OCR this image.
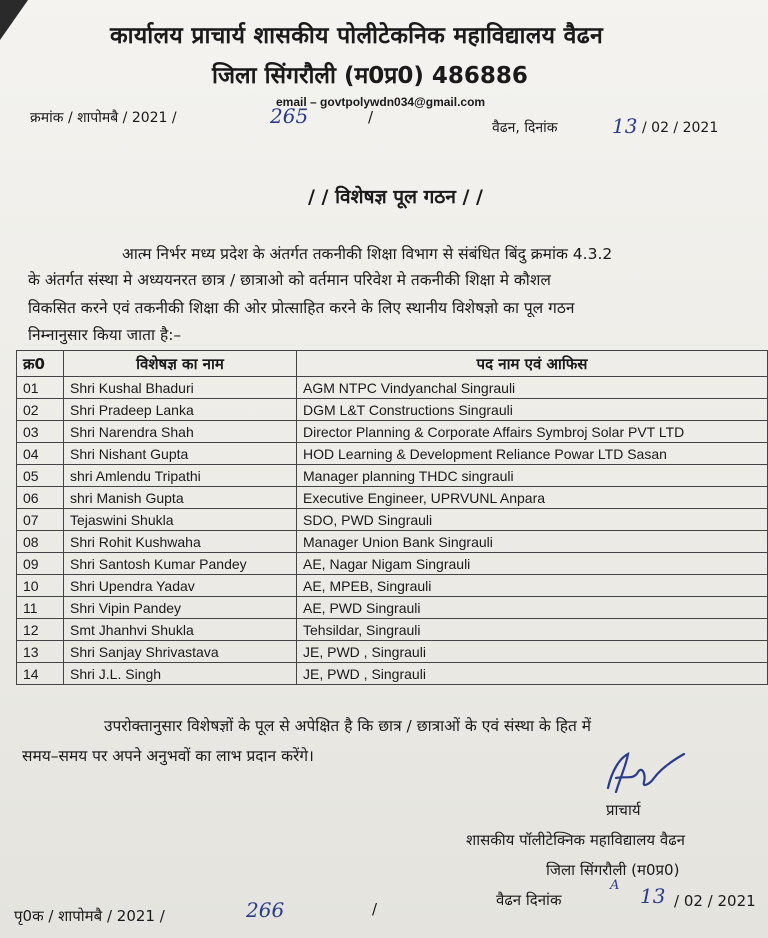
कार्यालय प्राचार्य शासकीय पोलीटेकनिक महाविद्यालय वैढन
जिला सिंगरौली (म0प्र0) 486886
email – govtpolywdn034@gmail.com
क्रमांक / शापोमबै / 2021 /	265	/
वैढन, दिनांक	13 / 02 / 2021
/ / विशेषज्ञ पूल गठन / /
आत्म निर्भर मध्य प्रदेश के अंतर्गत तकनीकी शिक्षा विभाग से संबंधित बिंदु क्रमांक 4.3.2
के अंतर्गत संस्था मे अध्ययनरत छात्र / छात्राओ को वर्तमान परिवेश मे तकनीकी शिक्षा मे कौशल
विकसित करने एवं तकनीकी शिक्षा की ओर प्रोत्साहित करने के लिए स्थानीय विशेषज्ञो का पूल गठन
निम्नानुसार किया जाता है:–
क्र0	विशेषज्ञ का नाम	पद नाम एवं आफिस
01	Shri Kushal Bhaduri	AGM NTPC Vindyanchal Singrauli
02	Shri Pradeep Lanka	DGM L&T Constructions Singrauli
03	Shri Narendra Shah	Director Planning & Corporate Affairs Symbroj Solar PVT LTD
04	Shri Nishant Gupta	HOD Learning & Development Reliance Powar LTD Sasan
05	shri Amlendu Tripathi	Manager planning THDC singrauli
06	shri Manish Gupta	Executive Engineer, UPRVUNL Anpara
07	Tejaswini Shukla	SDO, PWD Singrauli
08	Shri Rohit Kushwaha	Manager Union Bank Singrauli
09	Shri Santosh Kumar Pandey	AE, Nagar Nigam Singrauli
10	Shri Upendra Yadav	AE, MPEB, Singrauli
11	Shri Vipin Pandey	AE, PWD Singrauli
12	Smt Jhanhvi Shukla	Tehsildar, Singrauli
13	Shri Sanjay Shrivastava	JE, PWD , Singrauli
14	Shri J.L. Singh	JE, PWD , Singrauli
उपरोक्तानुसार विशेषज्ञों के पूल से अपेक्षित है कि छात्र / छात्राओं के एवं संस्था के हित में
समय–समय पर अपने अनुभवों का लाभ प्रदान करेंगे।
प्राचार्य
शासकीय पॉलीटेक्निक महाविद्यालय वैढन
जिला सिंगरौली (म0प्र0)
वैढन दिनांक
A 13 / 02 / 2021
पृ0क / शापोमबै / 2021 /	266	/
